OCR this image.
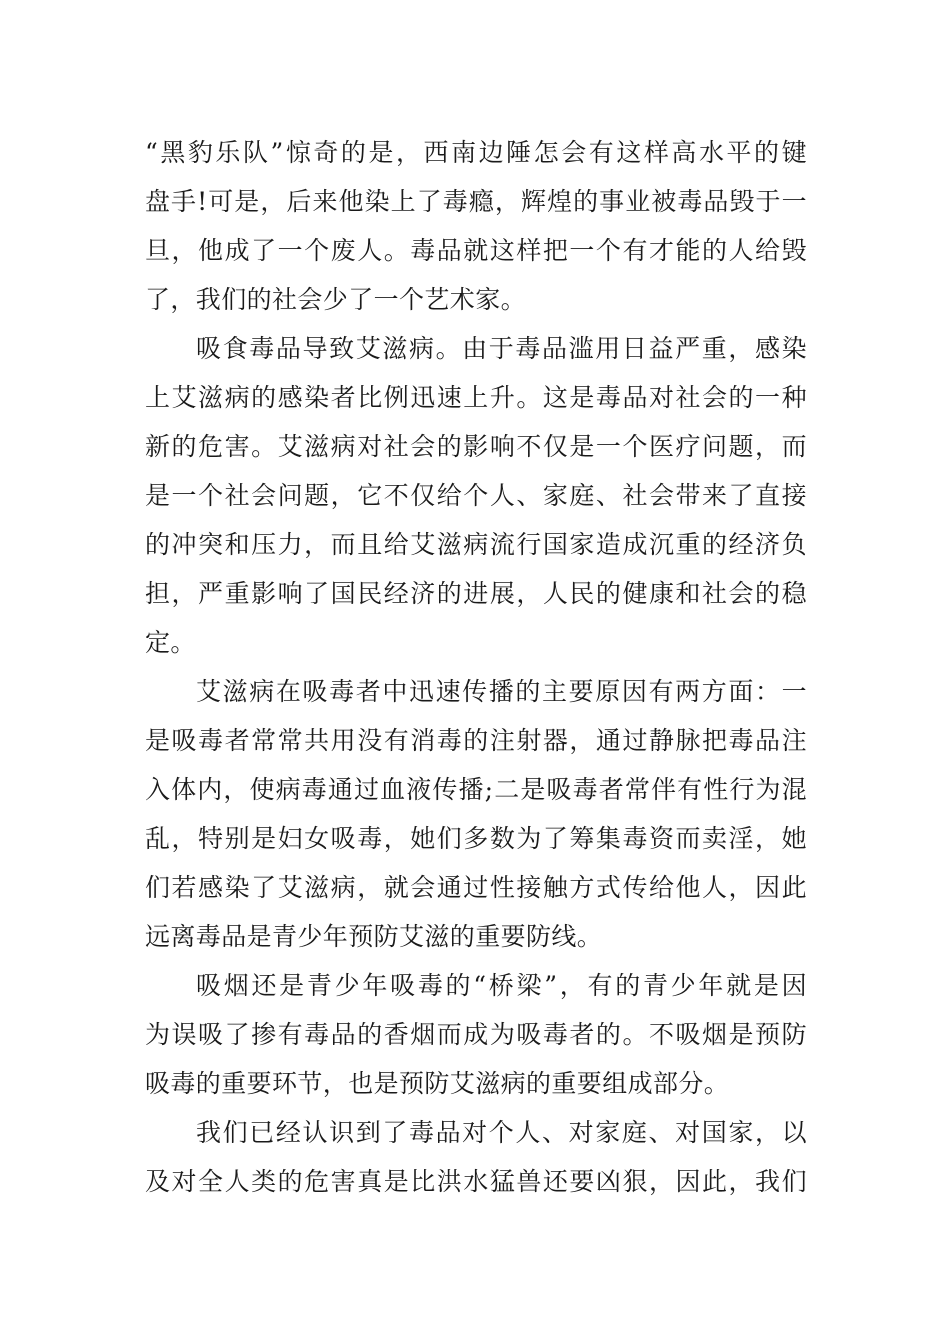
“黑豹乐队”惊奇的是，西南边陲怎会有这样高水平的键
盘手!可是，后来他染上了毒瘾，辉煌的事业被毒品毁于一
旦，他成了一个废人。毒品就这样把一个有才能的人给毁
了，我们的社会少了一个艺术家。
吸食毒品导致艾滋病。由于毒品滥用日益严重，感染
上艾滋病的感染者比例迅速上升。这是毒品对社会的一种
新的危害。艾滋病对社会的影响不仅是一个医疗问题，而
是一个社会问题，它不仅给个人、家庭、社会带来了直接
的冲突和压力，而且给艾滋病流行国家造成沉重的经济负
担，严重影响了国民经济的进展，人民的健康和社会的稳
定。
艾滋病在吸毒者中迅速传播的主要原因有两方面：一
是吸毒者常常共用没有消毒的注射器，通过静脉把毒品注
入体内，使病毒通过血液传播;二是吸毒者常伴有性行为混
乱，特别是妇女吸毒，她们多数为了筹集毒资而卖淫，她
们若感染了艾滋病，就会通过性接触方式传给他人，因此
远离毒品是青少年预防艾滋的重要防线。
吸烟还是青少年吸毒的“桥梁”，有的青少年就是因
为误吸了掺有毒品的香烟而成为吸毒者的。不吸烟是预防
吸毒的重要环节，也是预防艾滋病的重要组成部分。
我们已经认识到了毒品对个人、对家庭、对国家，以
及对全人类的危害真是比洪水猛兽还要凶狠，因此，我们
